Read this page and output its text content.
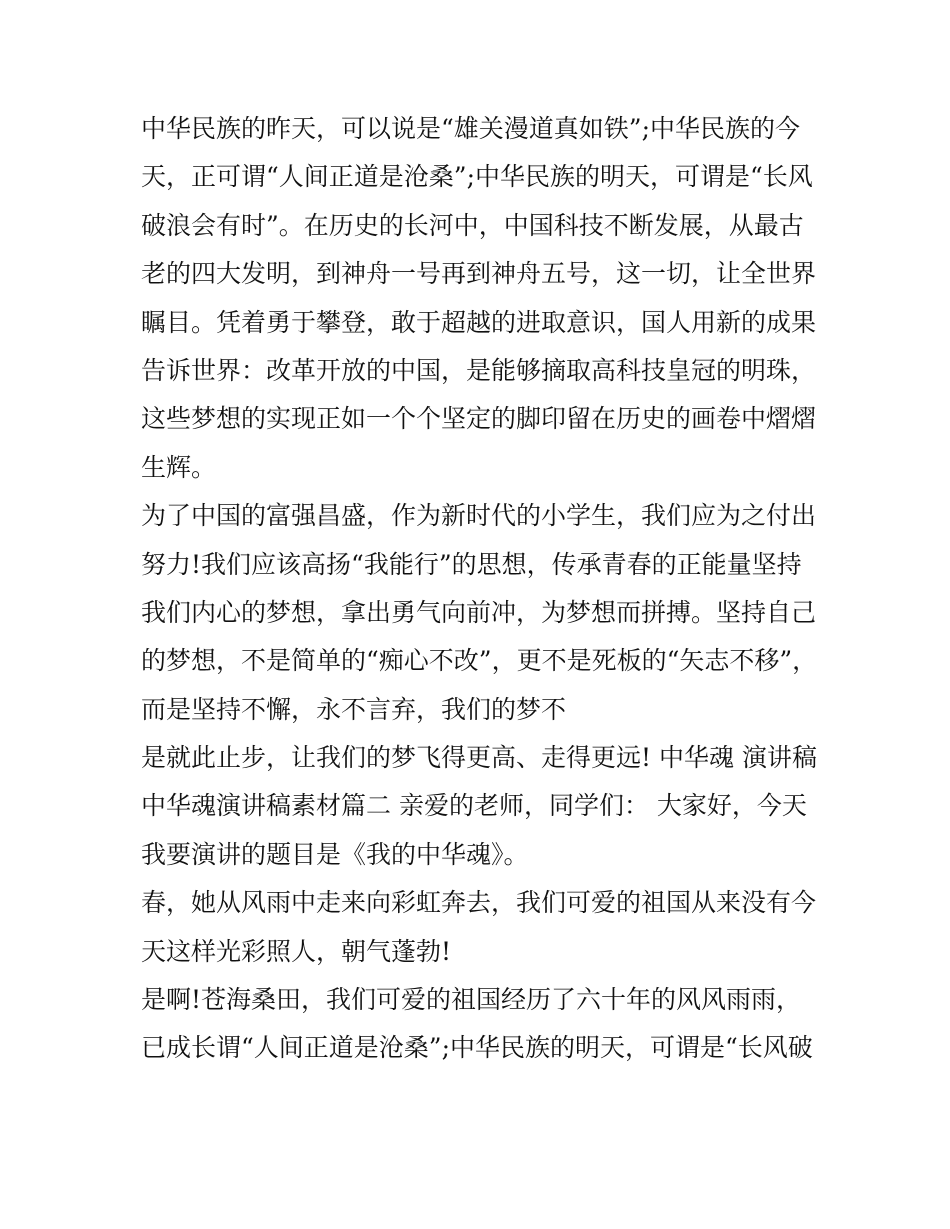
中华民族的昨天，可以说是“雄关漫道真如铁”;中华民族的今
天，正可谓“人间正道是沧桑”;中华民族的明天，可谓是“长风
破浪会有时”。在历史的长河中，中国科技不断发展，从最古
老的四大发明，到神舟一号再到神舟五号，这一切，让全世界
瞩目。凭着勇于攀登，敢于超越的进取意识，国人用新的成果
告诉世界：改革开放的中国，是能够摘取高科技皇冠的明珠，
这些梦想的实现正如一个个坚定的脚印留在历史的画卷中熠熠
生辉。
为了中国的富强昌盛，作为新时代的小学生，我们应为之付出
努力!我们应该高扬“我能行”的思想，传承青春的正能量坚持
我们内心的梦想，拿出勇气向前冲，为梦想而拼搏。坚持自己
的梦想，不是简单的“痴心不改”，更不是死板的“矢志不移”，
而是坚持不懈，永不言弃，我们的梦不
是就此止步，让我们的梦飞得更高、走得更远! 中华魂 演讲稿
中华魂演讲稿素材篇二 亲爱的老师，同学们： 大家好，今天
我要演讲的题目是《我的中华魂》。
春，她从风雨中走来向彩虹奔去，我们可爱的祖国从来没有今
天这样光彩照人，朝气蓬勃!
是啊!苍海桑田，我们可爱的祖国经历了六十年的风风雨雨，
已成长谓“人间正道是沧桑”;中华民族的明天，可谓是“长风破
